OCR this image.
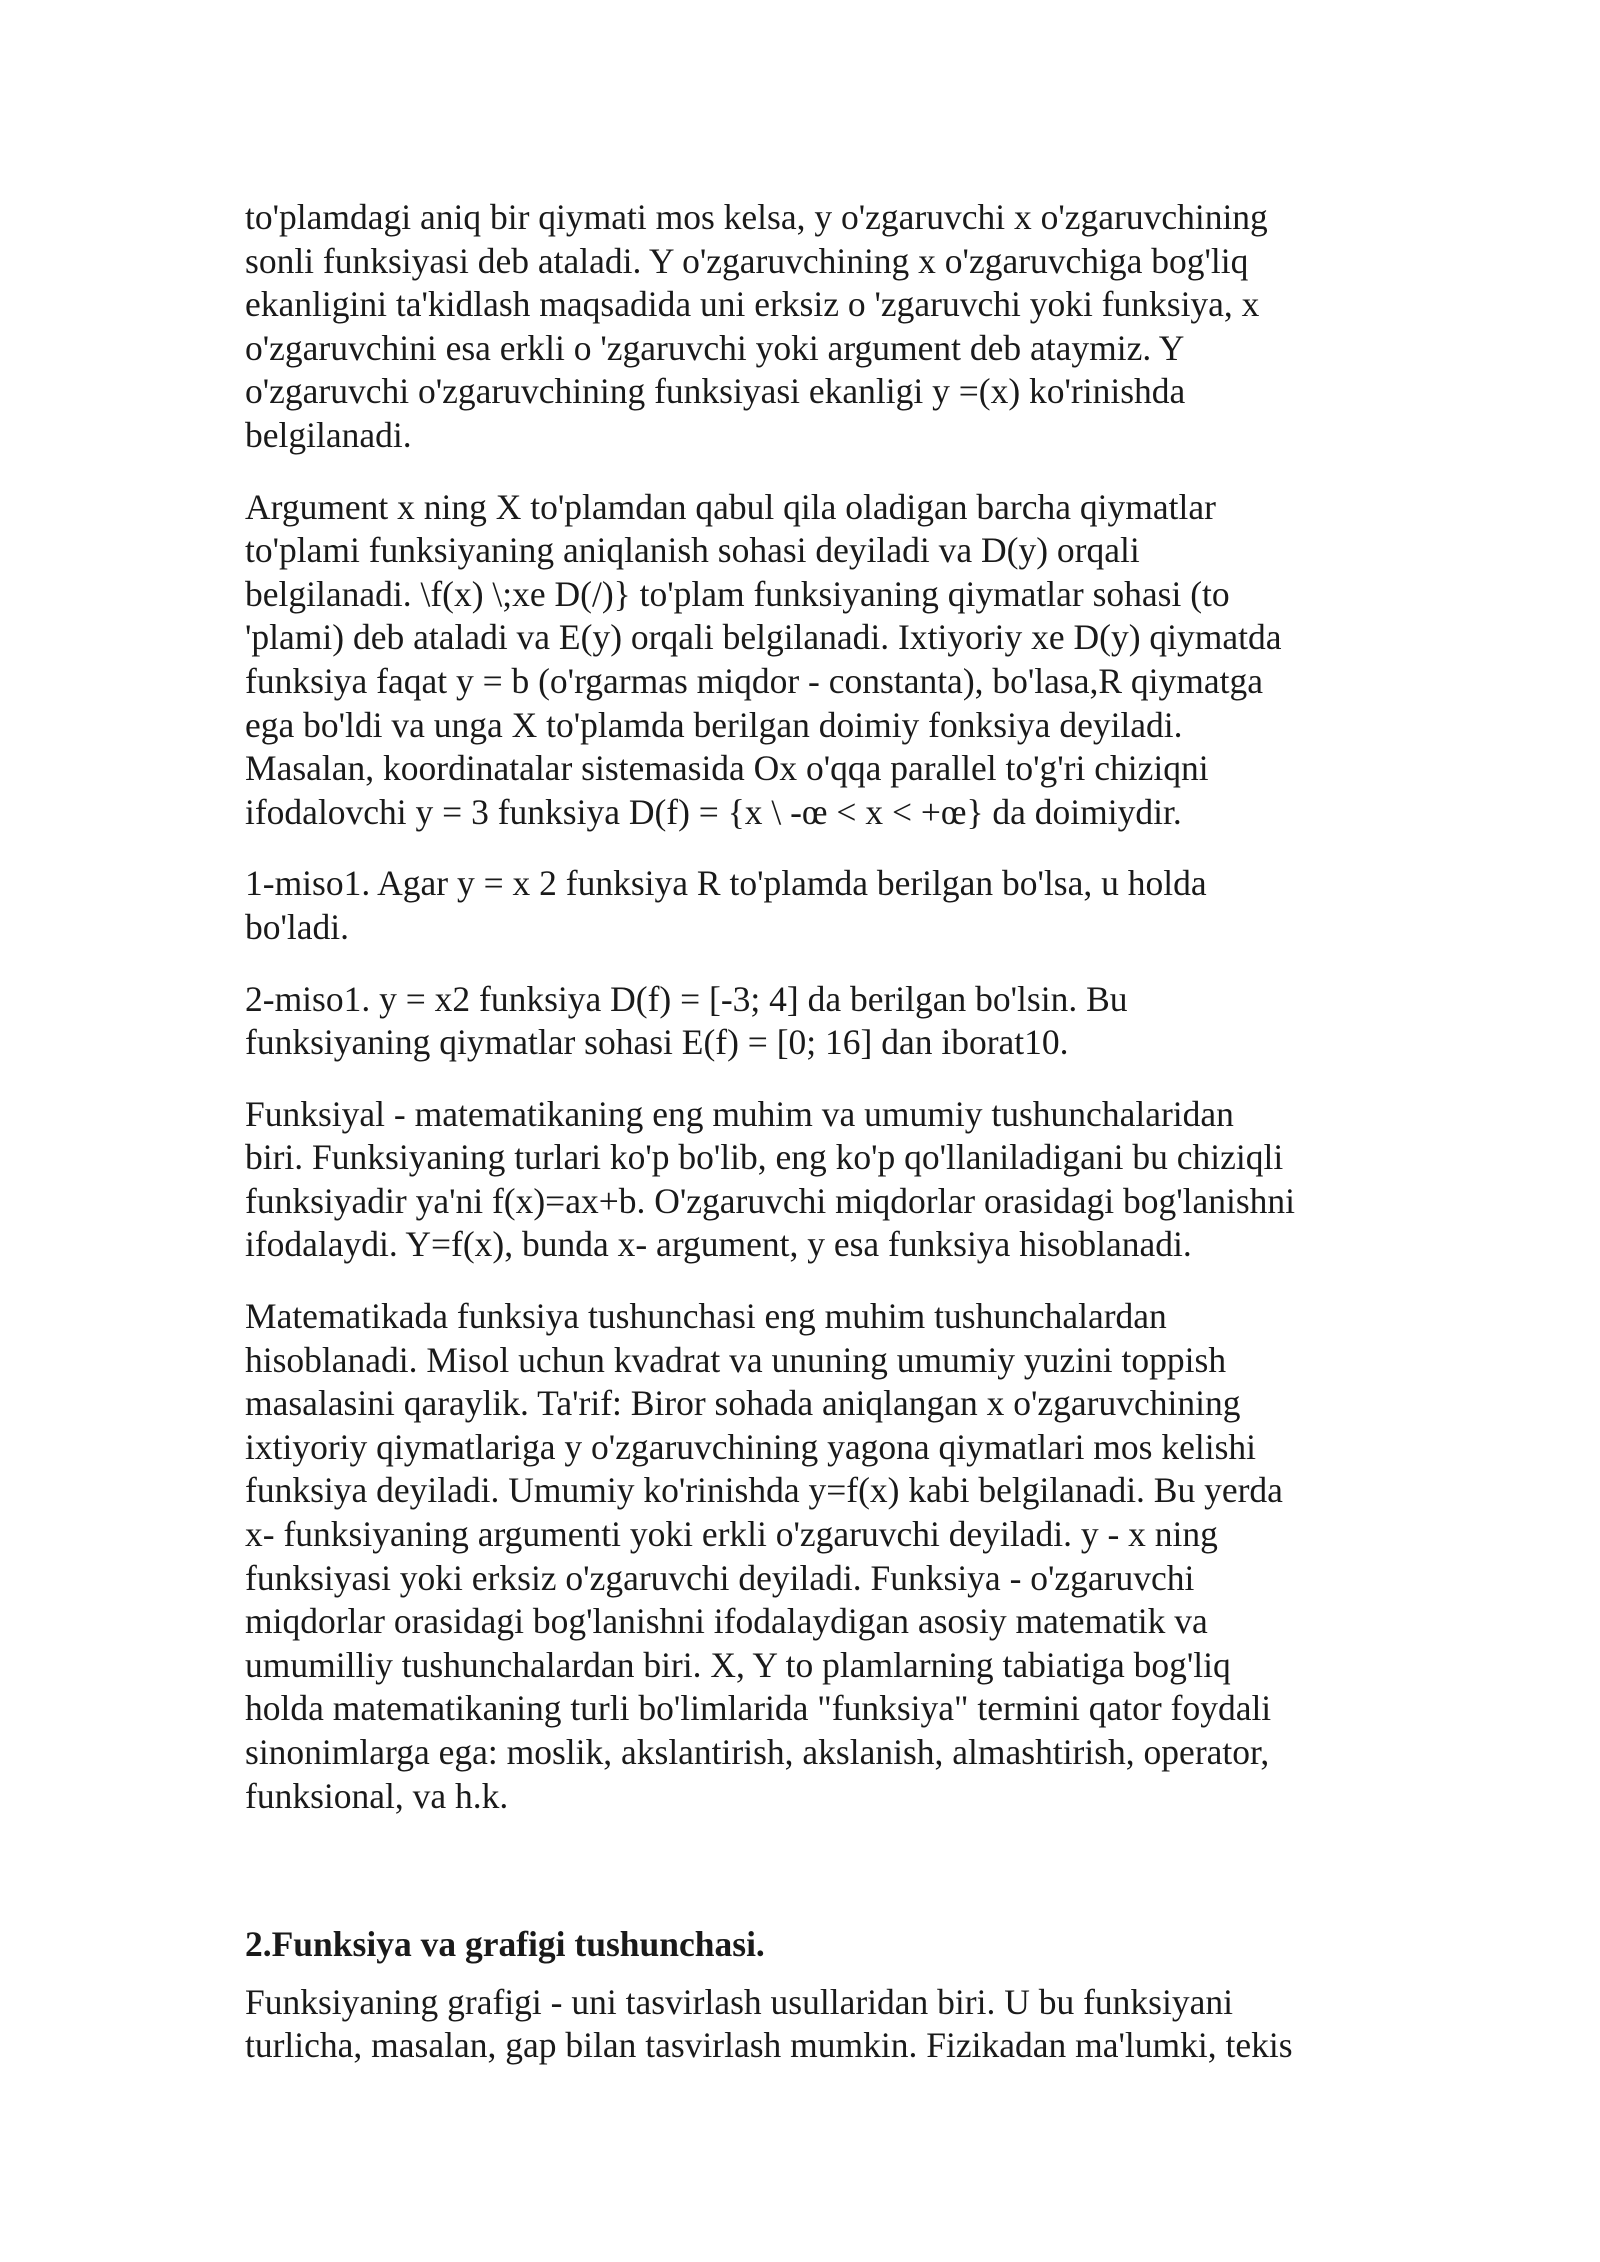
to'plamdagi aniq bir qiymati mos kelsa, y o'zgaruvchi x o'zgaruvchining
sonli funksiyasi deb ataladi. Y o'zgaruvchining x o'zgaruvchiga bog'liq
ekanligini ta'kidlash maqsadida uni erksiz o 'zgaruvchi yoki funksiya, x
o'zgaruvchini esa erkli o 'zgaruvchi yoki argument deb ataymiz. Y
o'zgaruvchi o'zgaruvchining funksiyasi ekanligi y =(x) ko'rinishda
belgilanadi.
Argument x ning X to'plamdan qabul qila oladigan barcha qiymatlar
to'plami funksiyaning aniqlanish sohasi deyiladi va D(y) orqali
belgilanadi. \f(x) \;xe D(/)} to'plam funksiyaning qiymatlar sohasi (to
'plami) deb ataladi va E(y) orqali belgilanadi. Ixtiyoriy xe D(y) qiymatda
funksiya faqat y = b (o'rgarmas miqdor - constanta), bo'lasa,R qiymatga
ega bo'ldi va unga X to'plamda berilgan doimiy fonksiya deyiladi.
Masalan, koordinatalar sistemasida Ox o'qqa parallel to'g'ri chiziqni
ifodalovchi y = 3 funksiya D(f) = {x \ -œ < x < +œ} da doimiydir.
1-miso1. Agar y = x 2 funksiya R to'plamda berilgan bo'lsa, u holda
bo'ladi.
2-miso1. y = x2 funksiya D(f) = [-3; 4] da berilgan bo'lsin. Bu
funksiyaning qiymatlar sohasi E(f) = [0; 16] dan iborat10.
Funksiyal - matematikaning eng muhim va umumiy tushunchalaridan
biri. Funksiyaning turlari ko'p bo'lib, eng ko'p qo'llaniladigani bu chiziqli
funksiyadir ya'ni f(x)=ax+b. O'zgaruvchi miqdorlar orasidagi bog'lanishni
ifodalaydi. Y=f(x), bunda x- argument, y esa funksiya hisoblanadi.
Matematikada funksiya tushunchasi eng muhim tushunchalardan
hisoblanadi. Misol uchun kvadrat va ununing umumiy yuzini toppish
masalasini qaraylik. Ta'rif: Biror sohada aniqlangan x o'zgaruvchining
ixtiyoriy qiymatlariga y o'zgaruvchining yagona qiymatlari mos kelishi
funksiya deyiladi. Umumiy ko'rinishda y=f(x) kabi belgilanadi. Bu yerda
x- funksiyaning argumenti yoki erkli o'zgaruvchi deyiladi. y - x ning
funksiyasi yoki erksiz o'zgaruvchi deyiladi. Funksiya - o'zgaruvchi
miqdorlar orasidagi bog'lanishni ifodalaydigan asosiy matematik va
umumilliy tushunchalardan biri. X, Y to plamlarning tabiatiga bog'liq
holda matematikaning turli bo'limlarida "funksiya" termini qator foydali
sinonimlarga ega: moslik, akslantirish, akslanish, almashtirish, operator,
funksional, va h.k.
2.Funksiya va grafigi tushunchasi.
Funksiyaning grafigi - uni tasvirlash usullaridan biri. U bu funksiyani
turlicha, masalan, gap bilan tasvirlash mumkin. Fizikadan ma'lumki, tekis
